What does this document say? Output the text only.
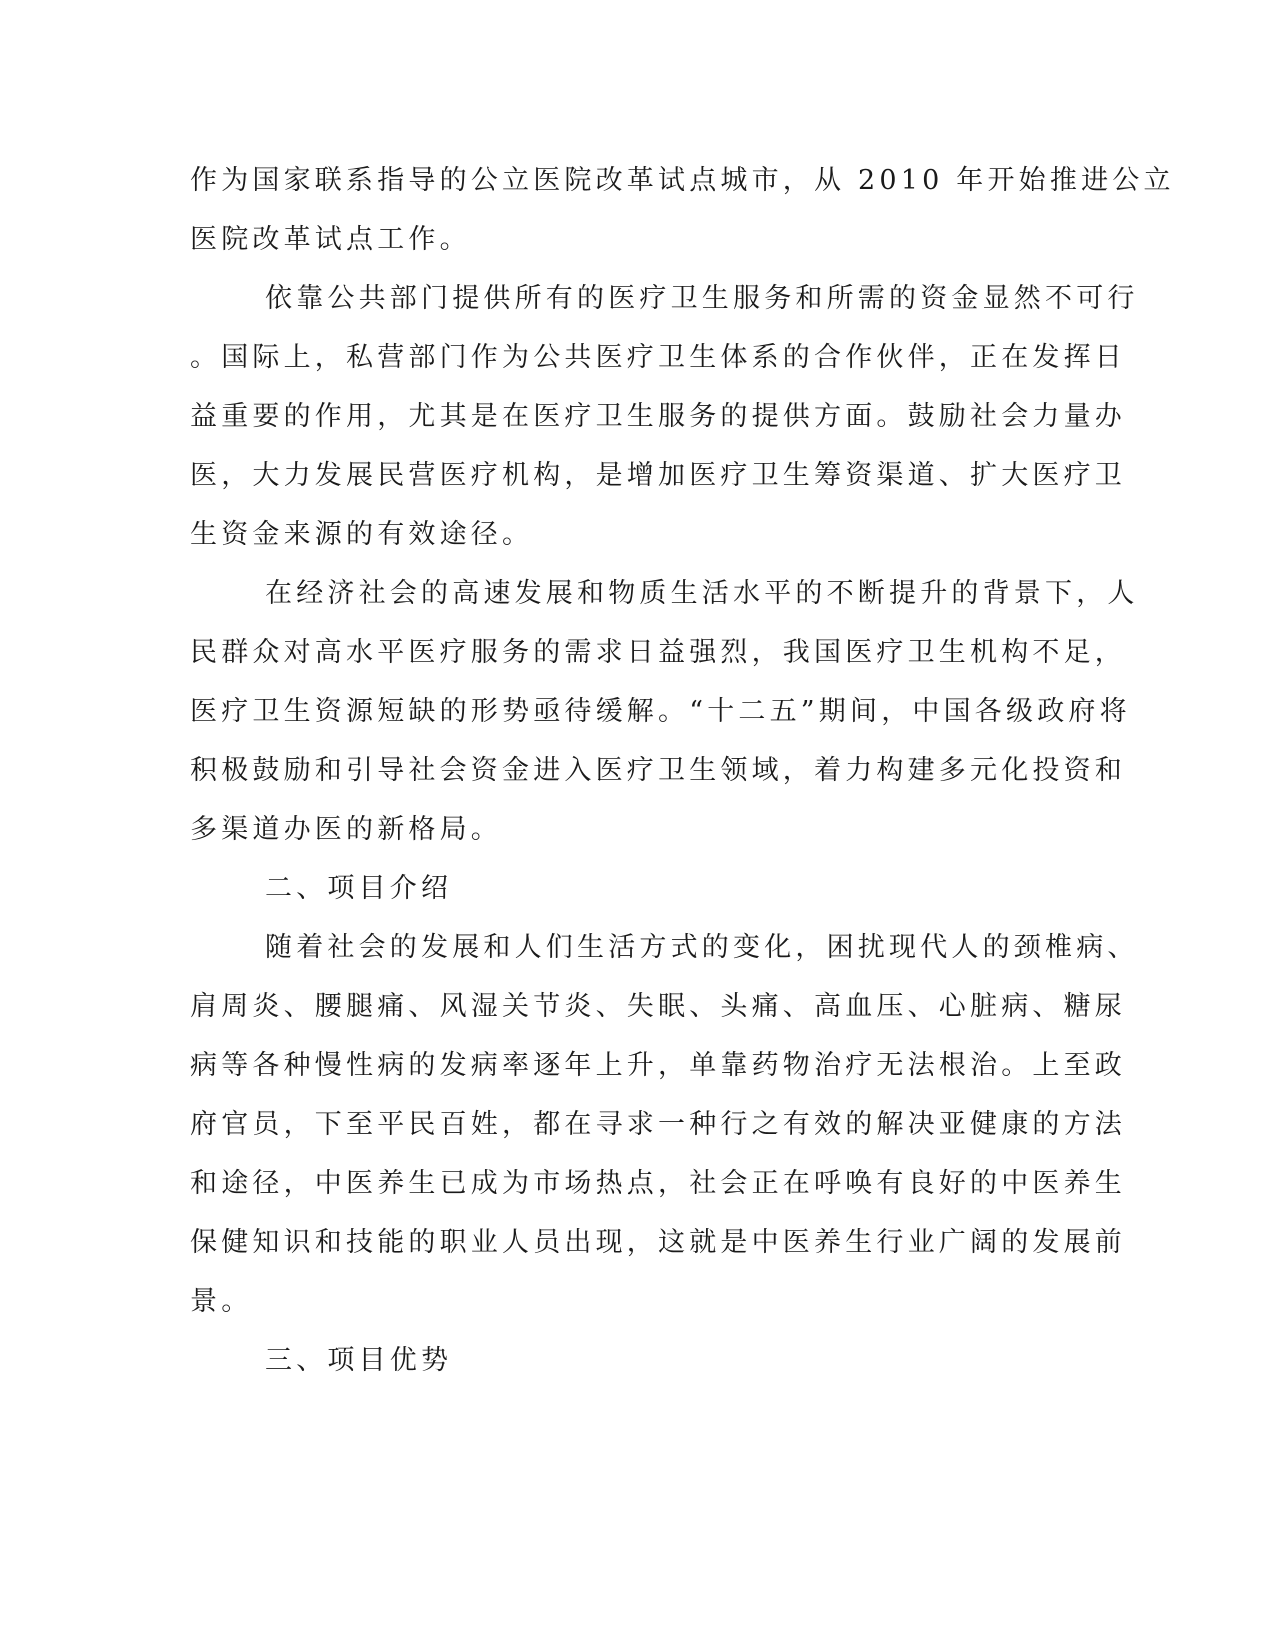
作为国家联系指导的公立医院改革试点城市，从 2010 年开始推进公立
医院改革试点工作。
依靠公共部门提供所有的医疗卫生服务和所需的资金显然不可行
。国际上，私营部门作为公共医疗卫生体系的合作伙伴，正在发挥日
益重要的作用，尤其是在医疗卫生服务的提供方面。鼓励社会力量办
医，大力发展民营医疗机构，是增加医疗卫生筹资渠道、扩大医疗卫
生资金来源的有效途径。
在经济社会的高速发展和物质生活水平的不断提升的背景下，人
民群众对高水平医疗服务的需求日益强烈，我国医疗卫生机构不足，
医疗卫生资源短缺的形势亟待缓解。“十二五”期间，中国各级政府将
积极鼓励和引导社会资金进入医疗卫生领域，着力构建多元化投资和
多渠道办医的新格局。
二、项目介绍
随着社会的发展和人们生活方式的变化，困扰现代人的颈椎病、
肩周炎、腰腿痛、风湿关节炎、失眠、头痛、高血压、心脏病、糖尿
病等各种慢性病的发病率逐年上升，单靠药物治疗无法根治。上至政
府官员，下至平民百姓，都在寻求一种行之有效的解决亚健康的方法
和途径，中医养生已成为市场热点，社会正在呼唤有良好的中医养生
保健知识和技能的职业人员出现，这就是中医养生行业广阔的发展前
景。
三、项目优势
